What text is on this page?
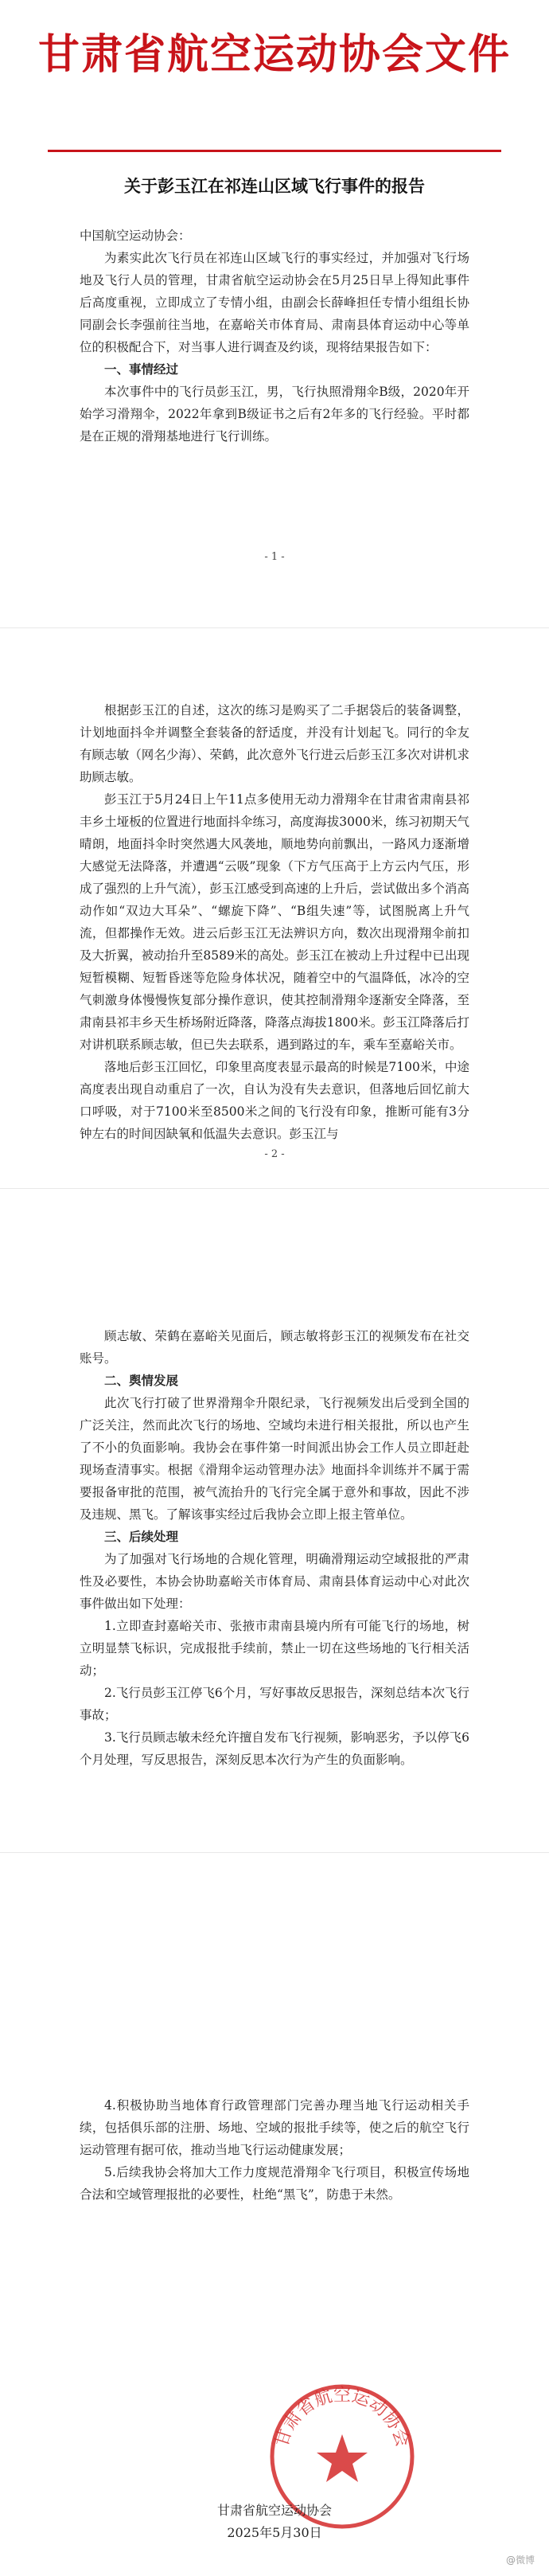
甘肃省航空运动协会文件
关于彭玉江在祁连山区域飞行事件的报告

中国航空运动协会：

为素实此次飞行员在祁连山区域飞行的事实经过，并加强对飞行场地及飞行人员的管理，甘肃省航空运动协会在5月25日早上得知此事件后高度重视，立即成立了专情小组，由副会长薛峰担任专情小组组长协同副会长李强前往当地，在嘉峪关市体育局、肃南县体育运动中心等单位的积极配合下，对当事人进行调查及约谈，现将结果报告如下：

一、事情经过

本次事件中的飞行员彭玉江，男，飞行执照滑翔伞B级，2020年开始学习滑翔伞，2022年拿到B级证书之后有2年多的飞行经验。平时都是在正规的滑翔基地进行飞行训练。

- 1 -

根据彭玉江的自述，这次的练习是购买了二手据袋后的装备调整，计划地面抖伞并调整全套装备的舒适度，并没有计划起飞。同行的伞友有顾志敏（网名少海）、荣鹤，此次意外飞行进云后彭玉江多次对讲机求助顾志敏。

彭玉江于5月24日上午11点多使用无动力滑翔伞在甘肃省肃南县祁丰乡土垭板的位置进行地面抖伞练习，高度海拔3000米，练习初期天气晴朗，地面抖伞时突然遇大风袭地，顺地势向前飘出，一路风力逐渐增大感觉无法降落，并遭遇“云吸”现象（下方气压高于上方云内气压，形成了强烈的上升气流），彭玉江感受到高速的上升后，尝试做出多个消高动作如“双边大耳朵”、“螺旋下降”、“B组失速”等，试图脱离上升气流，但都操作无效。进云后彭玉江无法辨识方向，数次出现滑翔伞前扣及大折翼，被动抬升至8589米的高处。彭玉江在被动上升过程中已出现短暂模糊、短暂昏迷等危险身体状况，随着空中的气温降低，冰冷的空气刺激身体慢慢恢复部分操作意识，使其控制滑翔伞逐渐安全降落，至肃南县祁丰乡天生桥场附近降落，降落点海拔1800米。彭玉江降落后打对讲机联系顾志敏，但已失去联系，遇到路过的车，乘车至嘉峪关市。

落地后彭玉江回忆，印象里高度表显示最高的时候是7100米，中途高度表出现自动重启了一次，自认为没有失去意识，但落地后回忆前大口呼吸，对于7100米至8500米之间的飞行没有印象，推断可能有3分钟左右的时间因缺氧和低温失去意识。彭玉江与

- 2 -

顾志敏、荣鹤在嘉峪关见面后，顾志敏将彭玉江的视频发布在社交账号。

二、舆情发展

此次飞行打破了世界滑翔伞升限纪录，飞行视频发出后受到全国的广泛关注，然而此次飞行的场地、空域均未进行相关报批，所以也产生了不小的负面影响。我协会在事件第一时间派出协会工作人员立即赶赴现场查清事实。根据《滑翔伞运动管理办法》地面抖伞训练并不属于需要报备审批的范围，被气流抬升的飞行完全属于意外和事故，因此不涉及违规、黑飞。了解该事实经过后我协会立即上报主管单位。

三、后续处理

为了加强对飞行场地的合规化管理，明确滑翔运动空域报批的严肃性及必要性，本协会协助嘉峪关市体育局、肃南县体育运动中心对此次事件做出如下处理：

1.立即查封嘉峪关市、张掖市肃南县境内所有可能飞行的场地，树立明显禁飞标识，完成报批手续前，禁止一切在这些场地的飞行相关活动；

2.飞行员彭玉江停飞6个月，写好事故反思报告，深刻总结本次飞行事故；

3.飞行员顾志敏未经允许擅自发布飞行视频，影响恶劣，予以停飞6个月处理，写反思报告，深刻反思本次行为产生的负面影响。

4.积极协助当地体育行政管理部门完善办理当地飞行运动相关手续，包括俱乐部的注册、场地、空域的报批手续等，使之后的航空飞行运动管理有据可依，推动当地飞行运动健康发展；

5.后续我协会将加大工作力度规范滑翔伞飞行项目，积极宣传场地合法和空域管理报批的必要性，杜绝“黑飞”，防患于未然。

甘肃省航空运动协会
甘肃省航空运动协会
2025年5月30日
@微博
